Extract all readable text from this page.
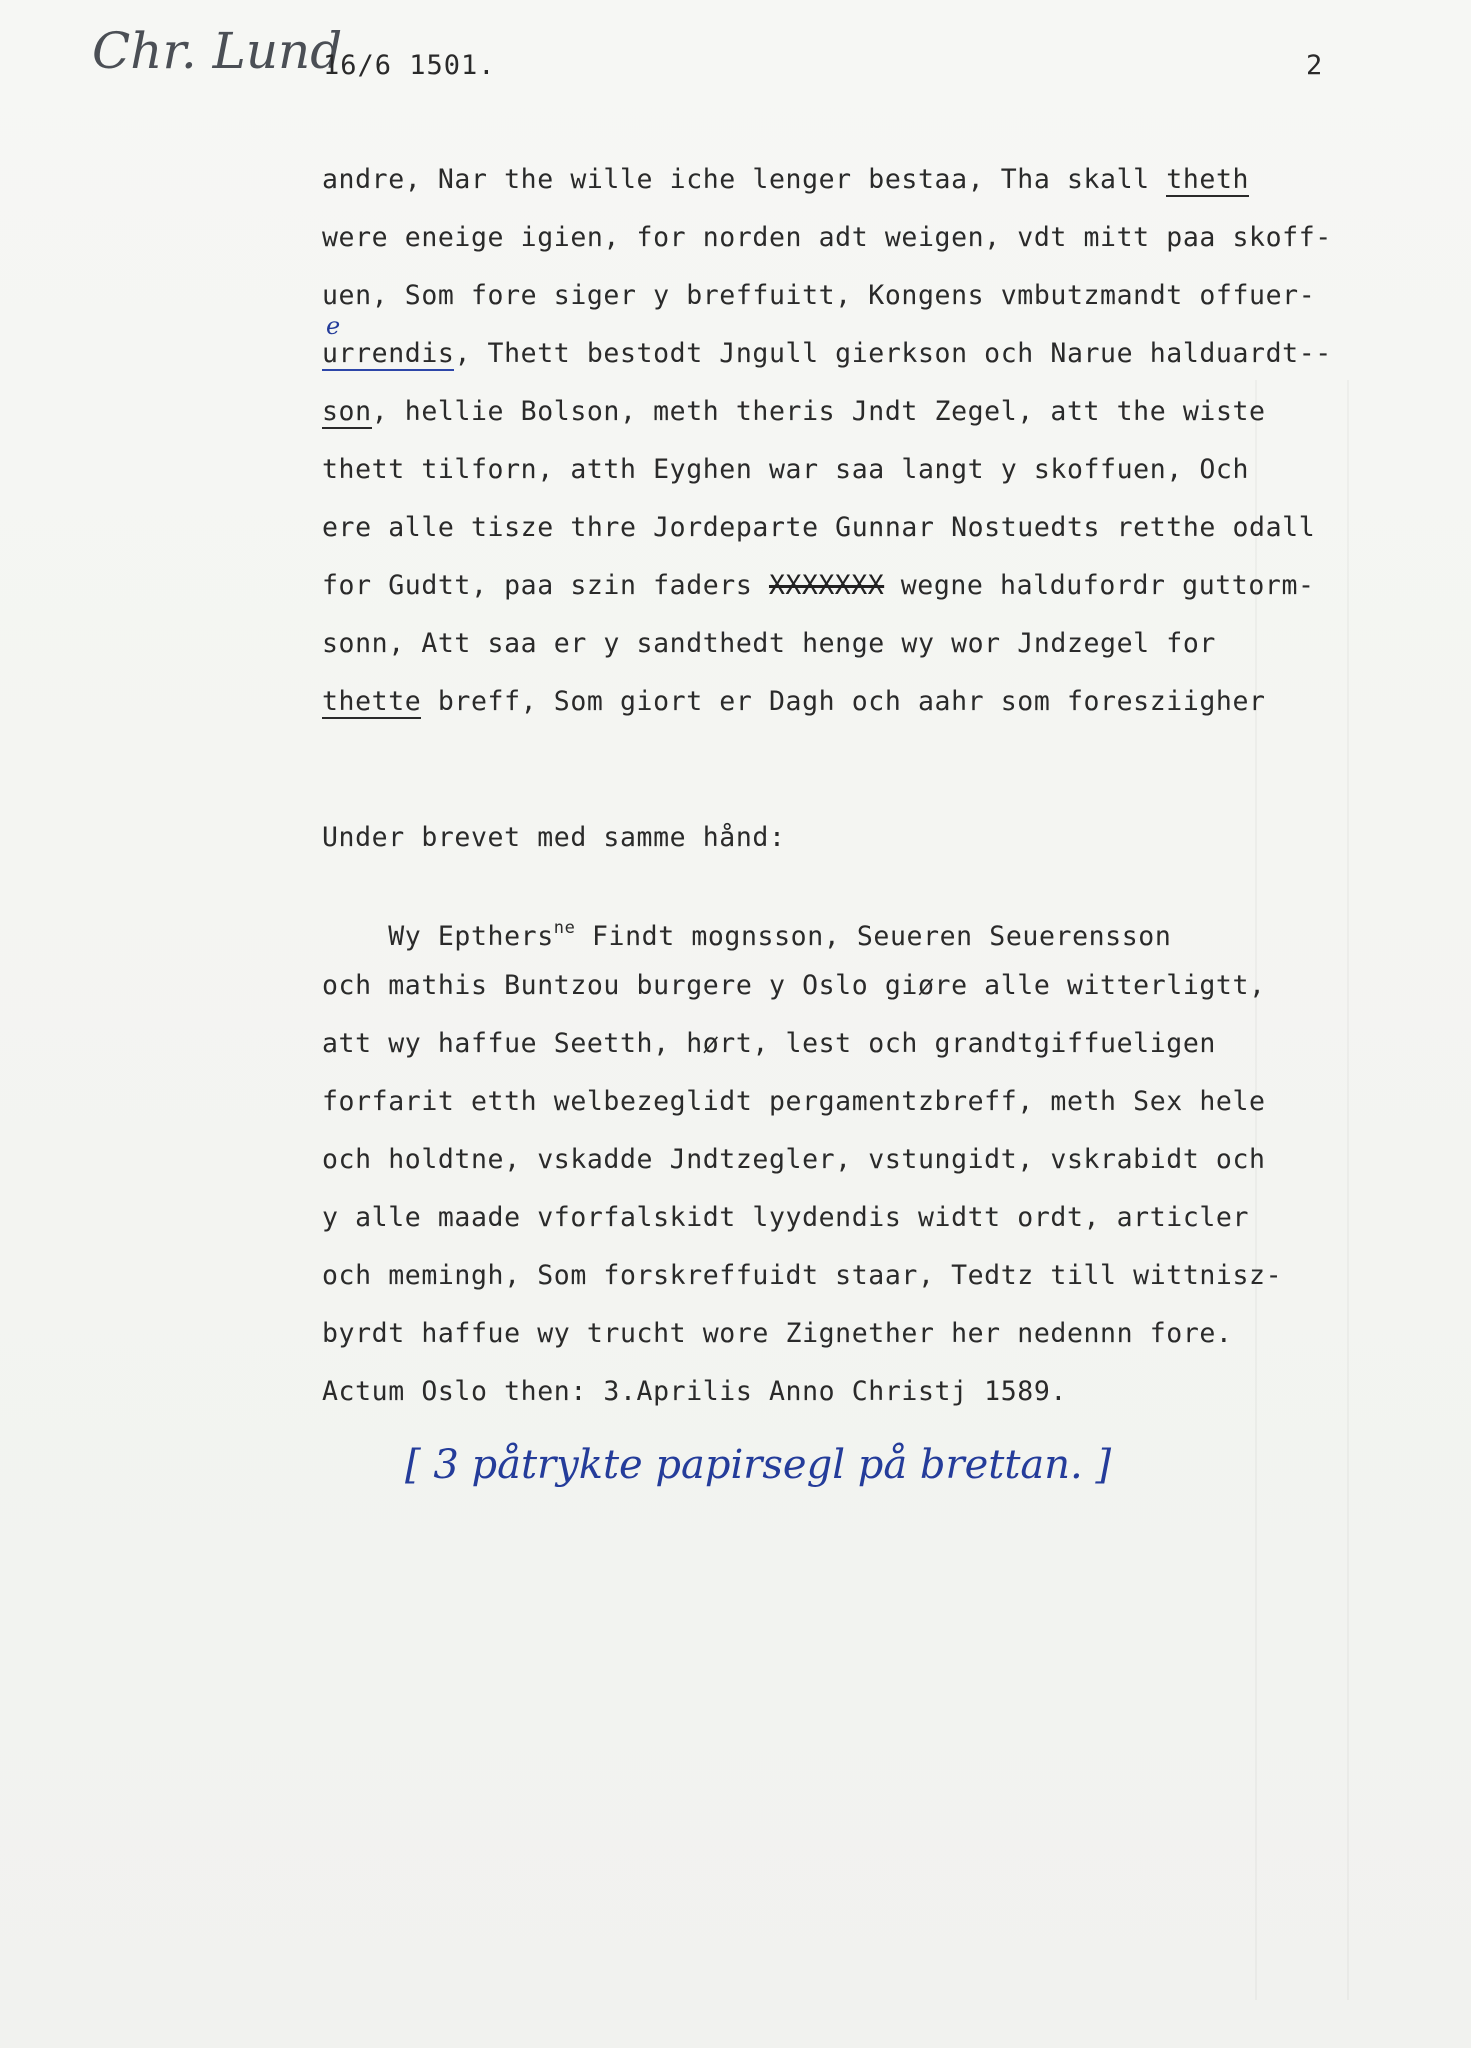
Chr. Lund
16/6 1501.	2
andre, Nar the wille iche lenger bestaa, Tha skall theth
were eneige igien, for norden adt weigen, vdt mitt paa skoff-
uen, Som fore siger y breffuitt, Kongens vmbutzmandt offuer-
e
urrendis, Thett bestodt Jngull gierkson och Narue halduardt--
son, hellie Bolson, meth theris Jndt Zegel, att the wiste
thett tilforn, atth Eyghen war saa langt y skoffuen, Och
ere alle tisze thre Jordeparte Gunnar Nostuedts retthe odall
for Gudtt, paa szin faders XXXXXXX wegne haldufordr guttorm-
sonn, Att saa er y sandthedt henge wy wor Jndzegel for
thette breff, Som giort er Dagh och aahr som foresziigher
Under brevet med samme hånd:
Wy Epthers$^{ne}$ Findt mognsson, Seueren Seuerensson
och mathis Buntzou burgere y Oslo giøre alle witterligtt,
att wy haffue Seetth, hørt, lest och grandtgiffueligen
forfarit etth welbezeglidt pergamentzbreff, meth Sex hele
och holdtne, vskadde Jndtzegler, vstungidt, vskrabidt och
y alle maade vforfalskidt lyydendis widtt ordt, articler
och memingh, Som forskreffuidt staar, Tedtz till wittnisz-
byrdt haffue wy trucht wore Zignether her nedennn fore.
Actum Oslo then: 3.Aprilis Anno Christj 1589.
[ 3 påtrykte papirsegl på brettan. ]
